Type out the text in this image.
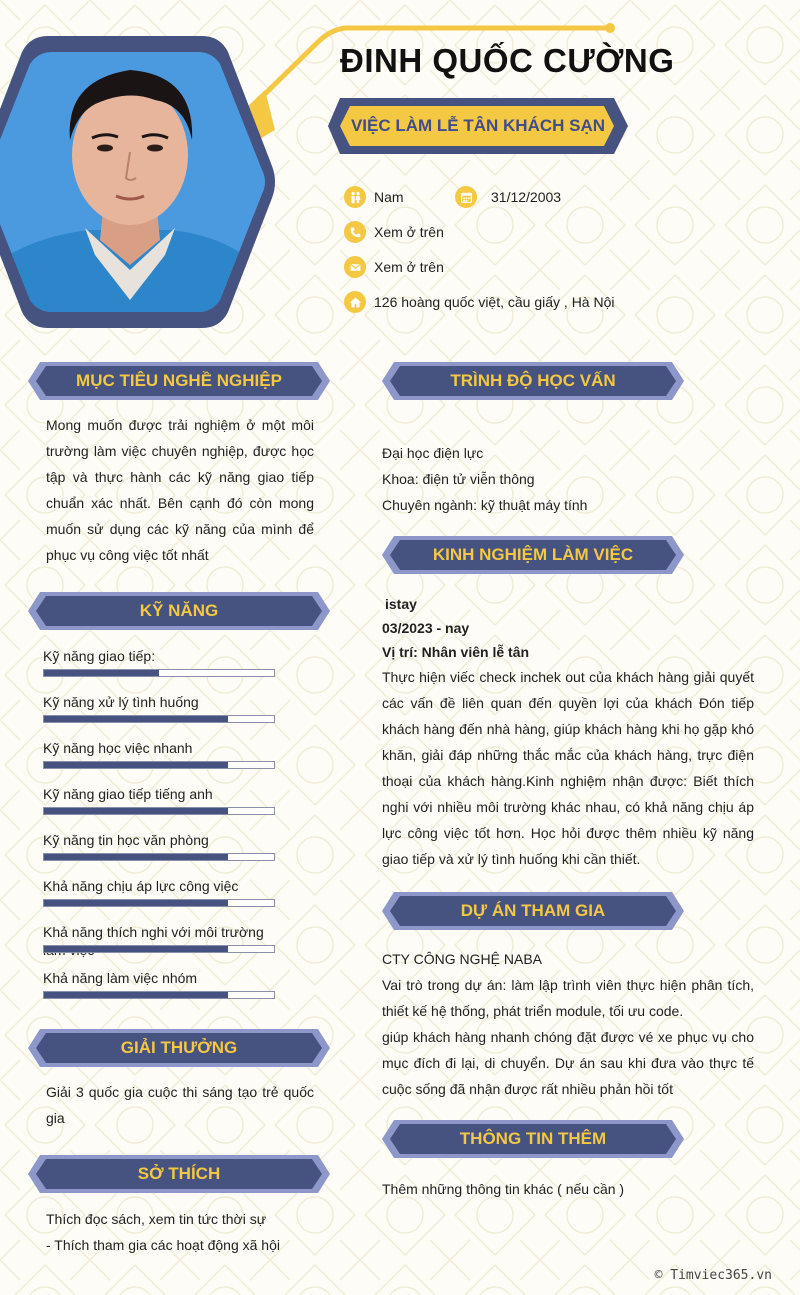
ĐINH QUỐC CƯỜNG
VIỆC LÀM LỄ TÂN KHÁCH SẠN
Nam	31/12/2003
Xem ở trên
Xem ở trên
126 hoàng quốc việt, cầu giấy , Hà Nội
MỤC TIÊU NGHỀ NGHIỆP
Mong muốn được trải nghiệm ở một môi trường làm việc chuyên nghiệp, được học tập và thực hành các kỹ năng giao tiếp chuẩn xác nhất. Bên cạnh đó còn mong muốn sử dụng các kỹ năng của mình để phục vụ công việc tốt nhất
KỸ NĂNG
Kỹ năng giao tiếp:
Kỹ năng xử lý tình huống
Kỹ năng học việc nhanh
Kỹ năng giao tiếp tiếng anh
Kỹ năng tin học văn phòng
Khả năng chịu áp lực công việc
Khả năng thích nghi với môi trường
Khả năng làm việc nhóm
GIẢI THƯỞNG
Giải 3 quốc gia cuộc thi sáng tạo trẻ quốc gia
SỞ THÍCH
Thích đọc sách, xem tin tức thời sự
- Thích tham gia các hoạt động xã hội
TRÌNH ĐỘ HỌC VẤN
Đại học điện lực
Khoa: điện tử viễn thông
Chuyên ngành: kỹ thuật máy tính
KINH NGHIỆM LÀM VIỆC
istay
03/2023 - nay
Vị trí: Nhân viên lễ tân
Thực hiện viếc check inchek out của khách hàng giải quyết các vấn đề liên quan đến quyền lợi của khách Đón tiếp khách hàng đến nhà hàng, giúp khách hàng khi họ gặp khó khăn, giải đáp những thắc mắc của khách hàng, trực điện thoại của khách hàng.Kinh nghiệm nhận được: Biết thích nghi với nhiều môi trường khác nhau, có khả năng chịu áp lực công việc tốt hơn. Học hỏi được thêm nhiều kỹ năng giao tiếp và xử lý tình huống khi cần thiết.
DỰ ÁN THAM GIA
CTY CÔNG NGHỆ NABA
Vai trò trong dự án: làm lập trình viên thực hiện phân tích, thiết kế hệ thống, phát triển module, tối ưu code.
giúp khách hàng nhanh chóng đặt được vé xe phục vụ cho mục đích đi lại, di chuyển. Dự án sau khi đưa vào thực tế cuộc sống đã nhận được rất nhiều phản hồi tốt
THÔNG TIN THÊM
Thêm những thông tin khác ( nếu cần )
© Timviec365.vn
